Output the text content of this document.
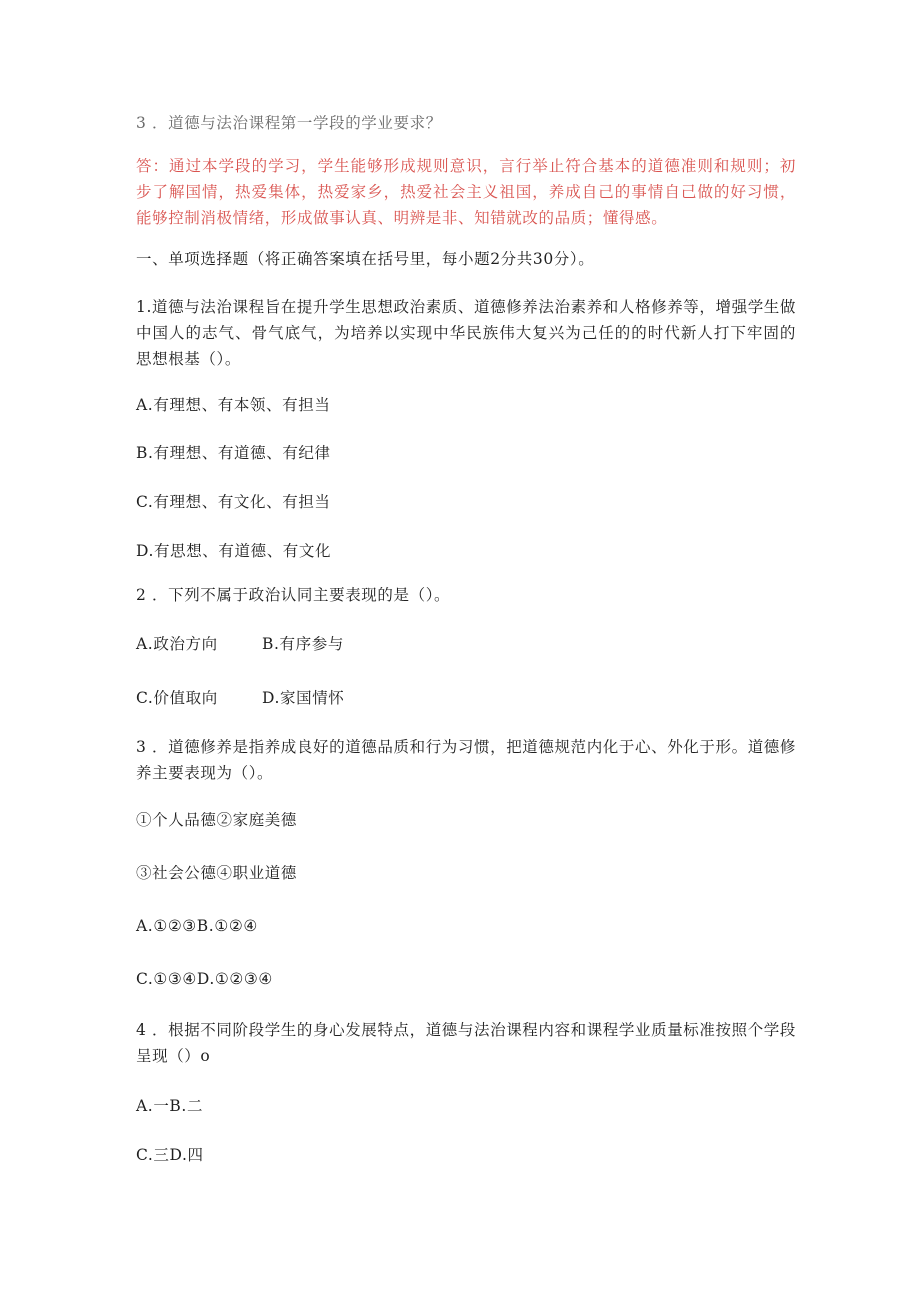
3 ．道德与法治课程第一学段的学业要求？
答：通过本学段的学习，学生能够形成规则意识，言行举止符合基本的道德准则和规则；初步了解国情，热爱集体，热爱家乡，热爱社会主义祖国，养成自己的事情自己做的好习惯，能够控制消极情绪，形成做事认真、明辨是非、知错就改的品质；懂得感。
一、单项选择题（将正确答案填在括号里，每小题2分共30分）。
1.道德与法治课程旨在提升学生思想政治素质、道德修养法治素养和人格修养等，增强学生做中国人的志气、骨气底气，为培养以实现中华民族伟大复兴为己任的的时代新人打下牢固的思想根基（）。
A.有理想、有本领、有担当
B.有理想、有道德、有纪律
C.有理想、有文化、有担当
D.有思想、有道德、有文化
2 ．下列不属于政治认同主要表现的是（）。
A.政治方向	B.有序参与
C.价值取向	D.家国情怀
3 ．道德修养是指养成良好的道德品质和行为习惯，把道德规范内化于心、外化于形。道德修养主要表现为（）。
①个人品德②家庭美德
③社会公德④职业道德
A.①②③B.①②④
C.①③④D.①②③④
4 ．根据不同阶段学生的身心发展特点，道德与法治课程内容和课程学业质量标准按照个学段呈现（）o
A.一B.二
C.三D.四
